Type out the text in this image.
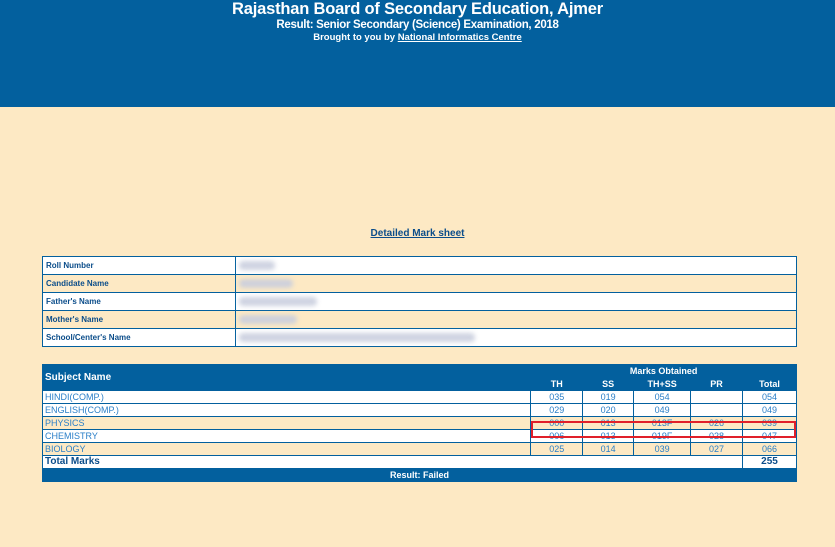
Rajasthan Board of Secondary Education, Ajmer
Result: Senior Secondary (Science) Examination, 2018
Brought to you by National Informatics Centre
Detailed Mark sheet
Roll Number	
Candidate Name	
Father's Name	
Mother's Name	
School/Center's Name	
Subject Name	Marks Obtained				
	TH	SS	TH+SS	PR	Total
HINDI(COMP.)	035	019	054		054
ENGLISH(COMP.)	029	020	049		049
PHYSICS	000	013	013F	026	039
CHEMISTRY	006	013	019F	028	047
BIOLOGY	025	014	039	027	066
Total Marks					255
Result: Failed					
